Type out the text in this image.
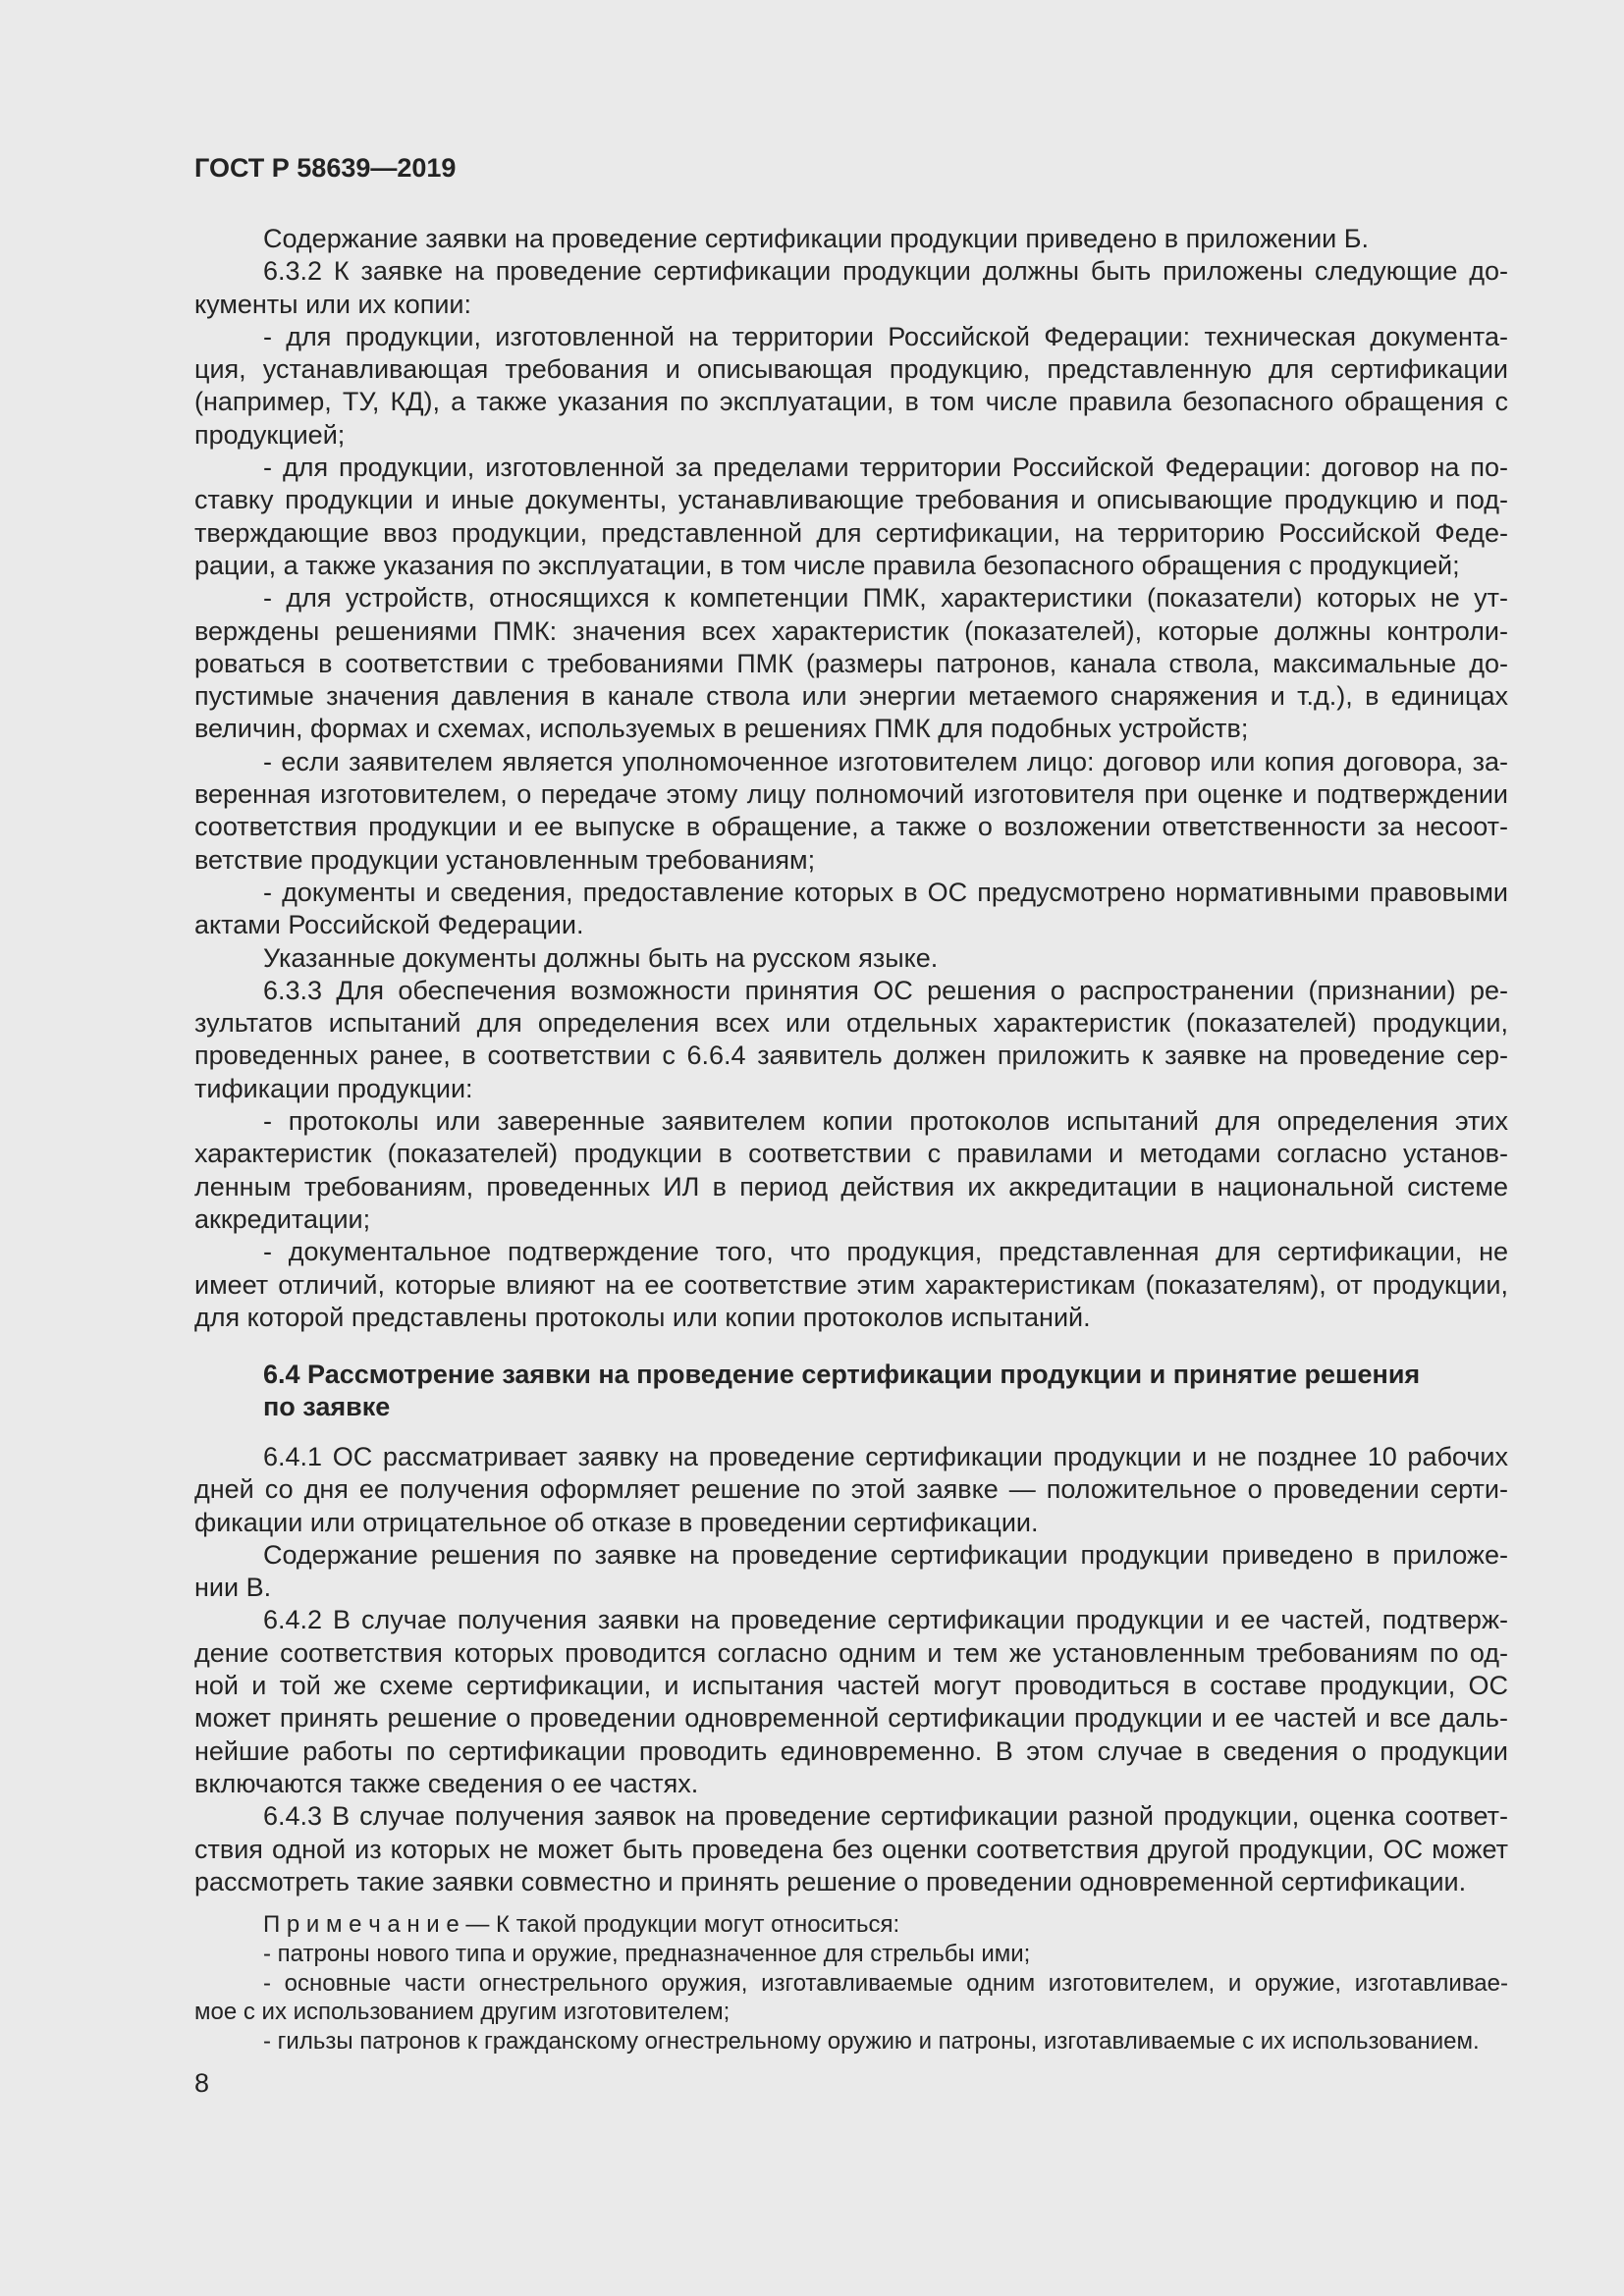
ГОСТ Р 58639—2019
Содержание заявки на проведение сертификации продукции приведено в приложении Б.
6.3.2 К заявке на проведение сертификации продукции должны быть приложены следующие до-
кументы или их копии:
- для продукции, изготовленной на территории Российской Федерации: техническая документа-
ция, устанавливающая требования и описывающая продукцию, представленную для сертификации
(например, ТУ, КД), а также указания по эксплуатации, в том числе правила безопасного обращения с
продукцией;
- для продукции, изготовленной за пределами территории Российской Федерации: договор на по-
ставку продукции и иные документы, устанавливающие требования и описывающие продукцию и под-
тверждающие ввоз продукции, представленной для сертификации, на территорию Российской Феде-
рации, а также указания по эксплуатации, в том числе правила безопасного обращения с продукцией;
- для устройств, относящихся к компетенции ПМК, характеристики (показатели) которых не ут-
верждены решениями ПМК: значения всех характеристик (показателей), которые должны контроли-
роваться в соответствии с требованиями ПМК (размеры патронов, канала ствола, максимальные до-
пустимые значения давления в канале ствола или энергии метаемого снаряжения и т.д.), в единицах
величин, формах и схемах, используемых в решениях ПМК для подобных устройств;
- если заявителем является уполномоченное изготовителем лицо: договор или копия договора, за-
веренная изготовителем, о передаче этому лицу полномочий изготовителя при оценке и подтверждении
соответствия продукции и ее выпуске в обращение, а также о возложении ответственности за несоот-
ветствие продукции установленным требованиям;
- документы и сведения, предоставление которых в ОС предусмотрено нормативными правовыми
актами Российской Федерации.
Указанные документы должны быть на русском языке.
6.3.3 Для обеспечения возможности принятия ОС решения о распространении (признании) ре-
зультатов испытаний для определения всех или отдельных характеристик (показателей) продукции,
проведенных ранее, в соответствии с 6.6.4 заявитель должен приложить к заявке на проведение сер-
тификации продукции:
- протоколы или заверенные заявителем копии протоколов испытаний для определения этих
характеристик (показателей) продукции в соответствии с правилами и методами согласно установ-
ленным требованиям, проведенных ИЛ в период действия их аккредитации в национальной системе
аккредитации;
- документальное подтверждение того, что продукция, представленная для сертификации, не
имеет отличий, которые влияют на ее соответствие этим характеристикам (показателям), от продукции,
для которой представлены протоколы или копии протоколов испытаний.
6.4 Рассмотрение заявки на проведение сертификации продукции и принятие решения
по заявке
6.4.1 ОС рассматривает заявку на проведение сертификации продукции и не позднее 10 рабочих
дней со дня ее получения оформляет решение по этой заявке — положительное о проведении серти-
фикации или отрицательное об отказе в проведении сертификации.
Содержание решения по заявке на проведение сертификации продукции приведено в приложе-
нии В.
6.4.2 В случае получения заявки на проведение сертификации продукции и ее частей, подтверж-
дение соответствия которых проводится согласно одним и тем же установленным требованиям по од-
ной и той же схеме сертификации, и испытания частей могут проводиться в составе продукции, ОС
может принять решение о проведении одновременной сертификации продукции и ее частей и все даль-
нейшие работы по сертификации проводить единовременно. В этом случае в сведения о продукции
включаются также сведения о ее частях.
6.4.3 В случае получения заявок на проведение сертификации разной продукции, оценка соответ-
ствия одной из которых не может быть проведена без оценки соответствия другой продукции, ОС может
рассмотреть такие заявки совместно и принять решение о проведении одновременной сертификации.
П р и м е ч а н и е — К такой продукции могут относиться:
- патроны нового типа и оружие, предназначенное для стрельбы ими;
- основные части огнестрельного оружия, изготавливаемые одним изготовителем, и оружие, изготавливае-
мое с их использованием другим изготовителем;
- гильзы патронов к гражданскому огнестрельному оружию и патроны, изготавливаемые с их использованием.
8
